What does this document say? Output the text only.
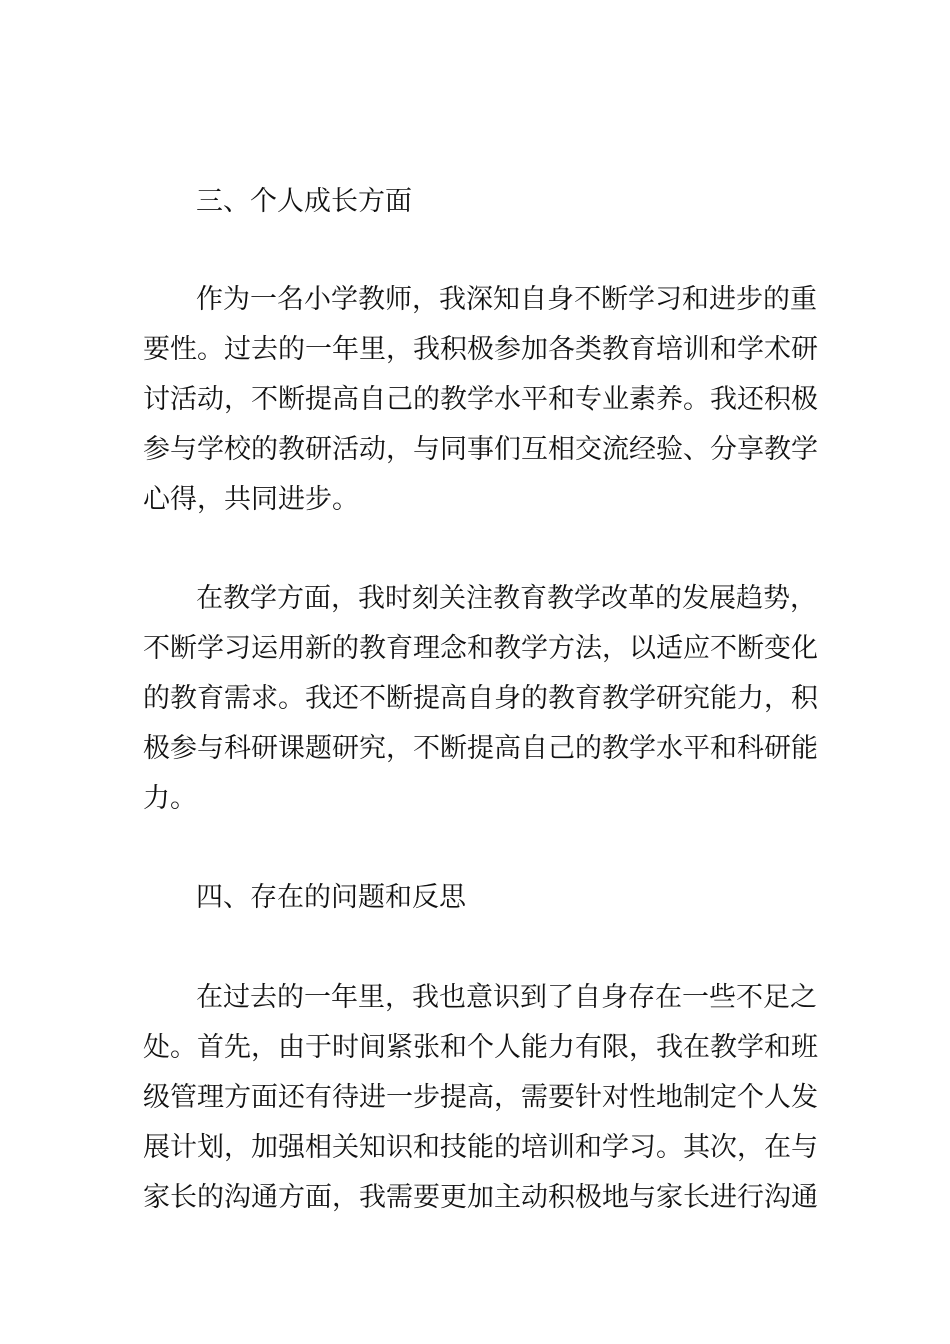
三、个人成长方面

作为一名小学教师，我深知自身不断学习和进步的重

要性。过去的一年里，我积极参加各类教育培训和学术研

讨活动，不断提高自己的教学水平和专业素养。我还积极

参与学校的教研活动，与同事们互相交流经验、分享教学

心得，共同进步。

在教学方面，我时刻关注教育教学改革的发展趋势，

不断学习运用新的教育理念和教学方法，以适应不断变化

的教育需求。我还不断提高自身的教育教学研究能力，积

极参与科研课题研究，不断提高自己的教学水平和科研能

力。

四、存在的问题和反思

在过去的一年里，我也意识到了自身存在一些不足之

处。首先，由于时间紧张和个人能力有限，我在教学和班

级管理方面还有待进一步提高，需要针对性地制定个人发

展计划，加强相关知识和技能的培训和学习。其次，在与

家长的沟通方面，我需要更加主动积极地与家长进行沟通
